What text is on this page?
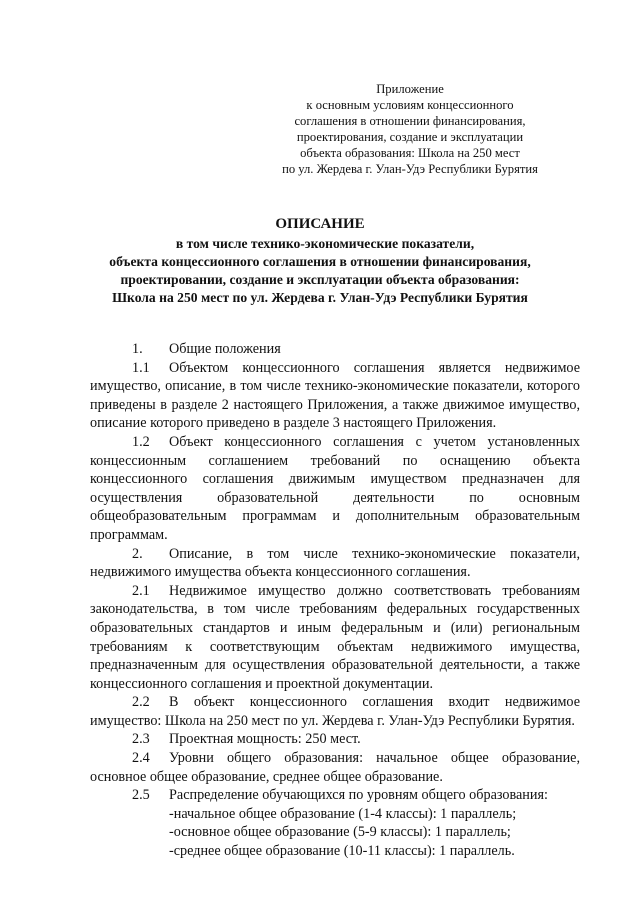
Приложение
к основным условиям концессионного
соглашения в отношении финансирования,
проектирования, создание и эксплуатации
объекта образования: Школа на 250 мест
по ул. Жердева г. Улан-Удэ Республики Бурятия
ОПИСАНИЕ
в том числе технико-экономические показатели,
объекта концессионного соглашения в отношении финансирования,
проектировании, создание и эксплуатации объекта образования:
Школа на 250 мест по ул. Жердева г. Улан-Удэ Республики Бурятия

1. Общие положения

1.1 Объектом концессионного соглашения является недвижимое имущество, описание, в том числе технико-экономические показатели, которого приведены в разделе 2 настоящего Приложения, а также движимое имущество, описание которого приведено в разделе 3 настоящего Приложения.

1.2 Объект концессионного соглашения с учетом установленных концессионным соглашением требований по оснащению объекта концессионного соглашения движимым имуществом предназначен для осуществления образовательной деятельности по основным общеобразовательным программам и дополнительным образовательным программам.

2. Описание, в том числе технико-экономические показатели, недвижимого имущества объекта концессионного соглашения.

2.1 Недвижимое имущество должно соответствовать требованиям законодательства, в том числе требованиям федеральных государственных образовательных стандартов и иным федеральным и (или) региональным требованиям к соответствующим объектам недвижимого имущества, предназначенным для осуществления образовательной деятельности, а также концессионного соглашения и проектной документации.

2.2 В объект концессионного соглашения входит недвижимое имущество: Школа на 250 мест по ул. Жердева г. Улан-Удэ Республики Бурятия.

2.3 Проектная мощность: 250 мест.

2.4 Уровни общего образования: начальное общее образование, основное общее образование, среднее общее образование.

2.5 Распределение обучающихся по уровням общего образования:

-начальное общее образование (1-4 классы): 1 параллель;
-основное общее образование (5-9 классы): 1 параллель;
-среднее общее образование (10-11 классы): 1 параллель.
